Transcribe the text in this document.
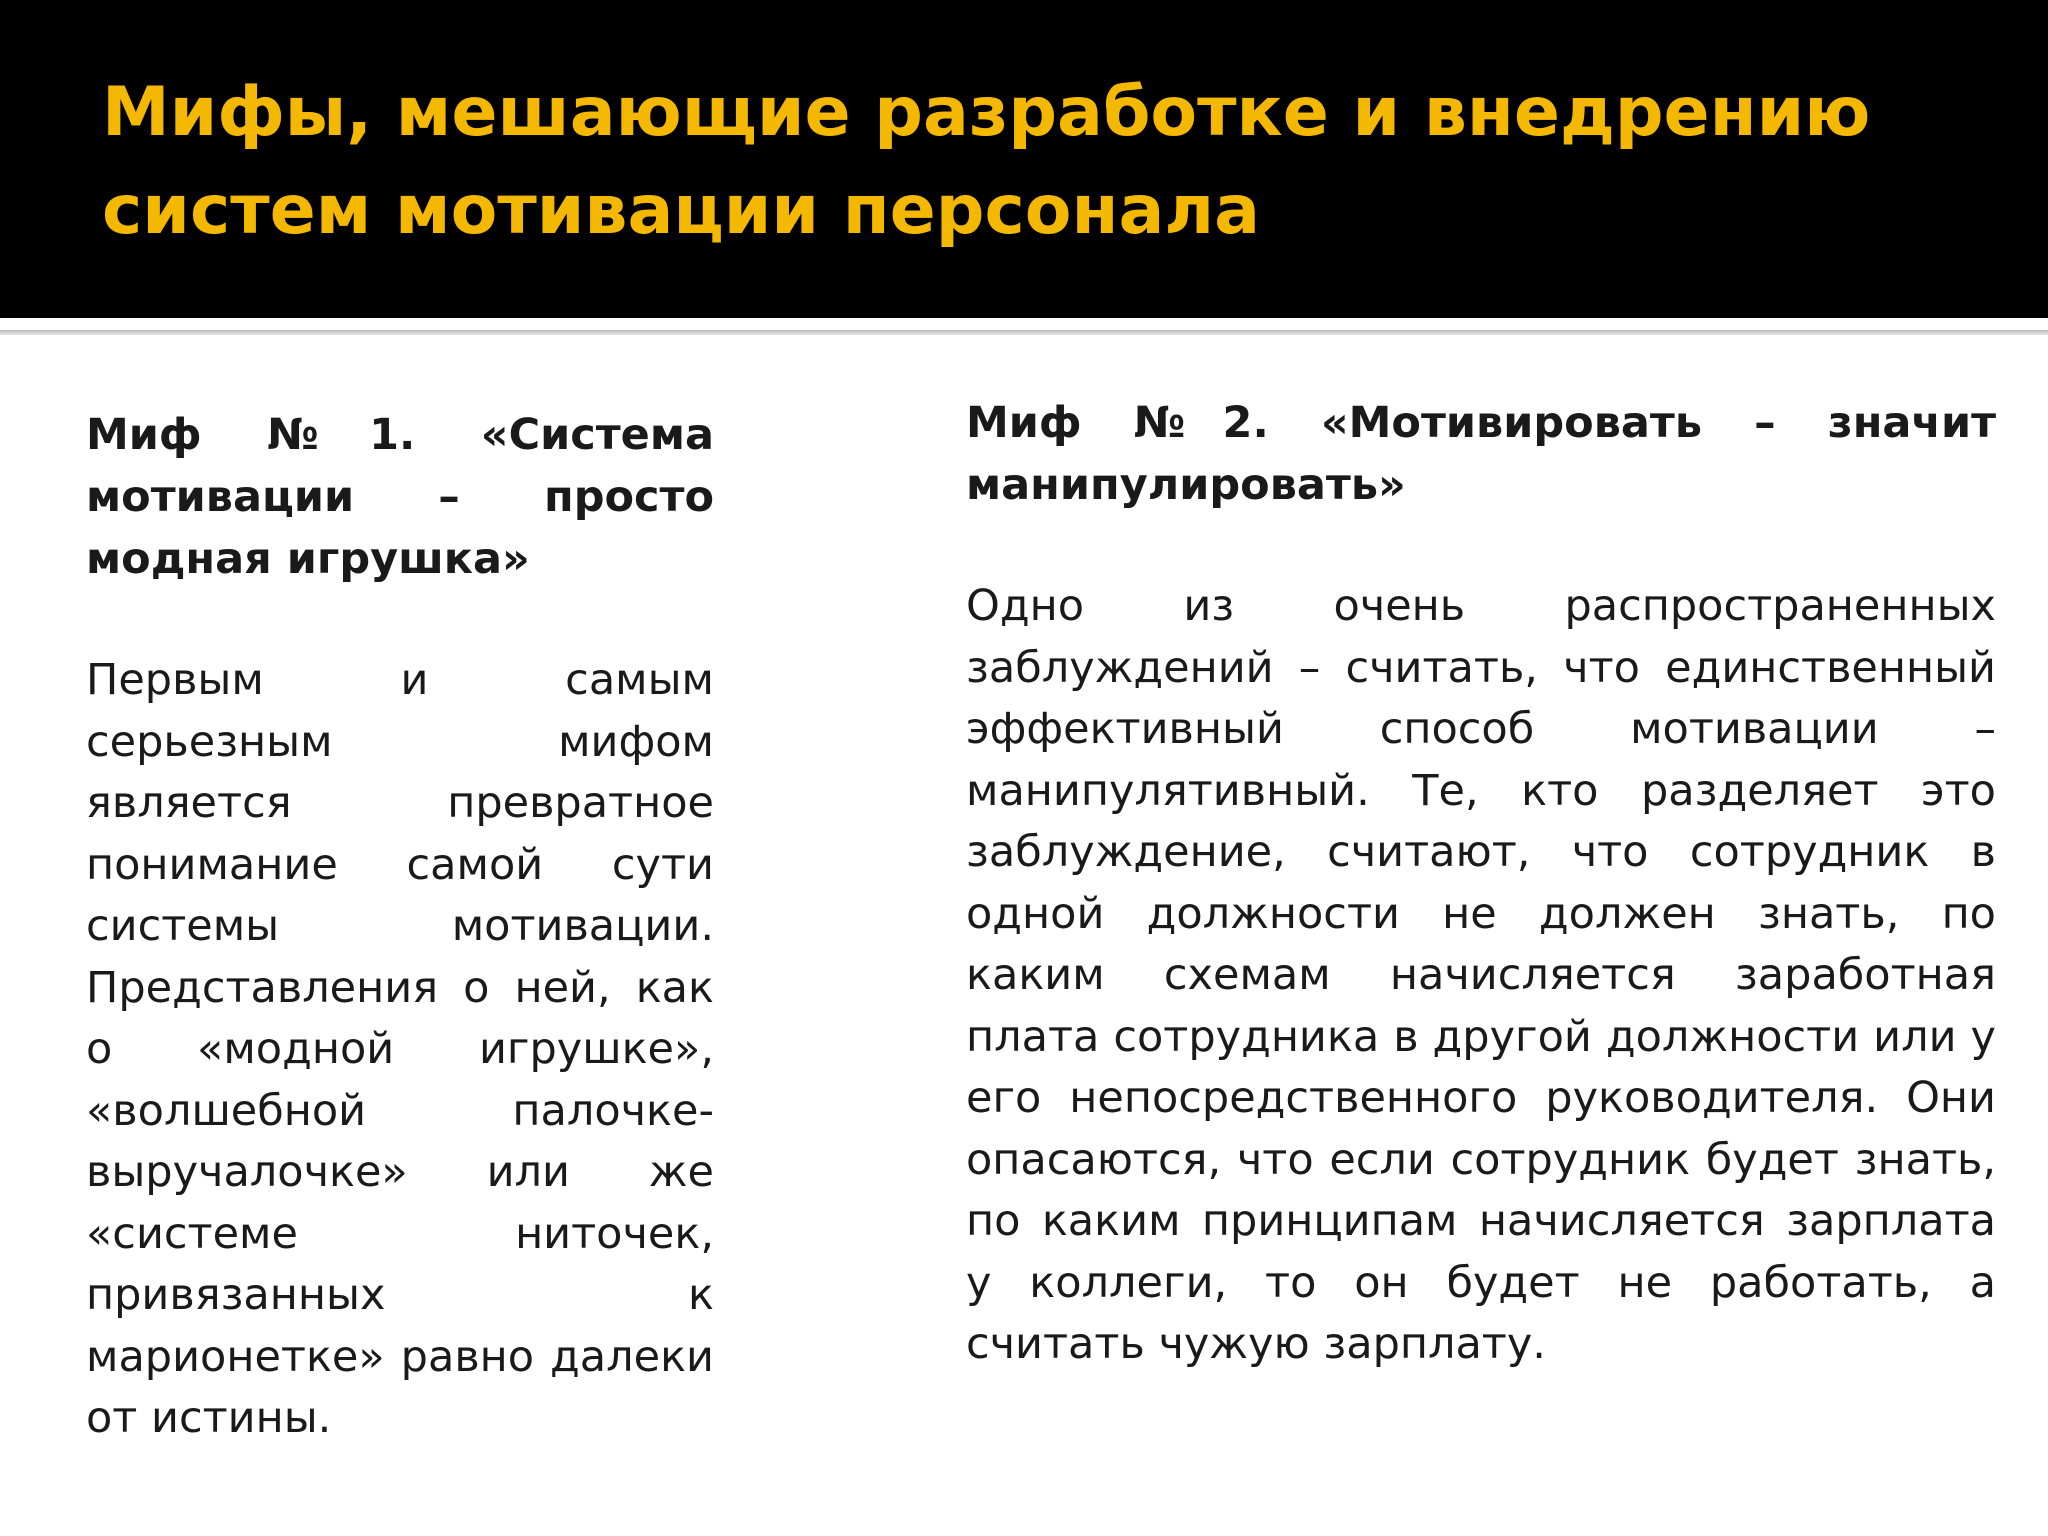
Мифы, мешающие разработке и внедрению систем мотивации персонала

Миф №1. «Система мотивации – просто модная игрушка»

Первым и самым серьезным мифом является превратное понимание самой сути системы мотивации. Представления о ней, как о «модной игрушке», «волшебной палочке-выручалочке» или же «системе ниточек, привязанных к марионетке» равно далеки от истины.

Миф №2. «Мотивировать – значит манипулировать»

Одно из очень распространенных заблуждений – считать, что единственный эффективный способ мотивации – манипулятивный. Те, кто разделяет это заблуждение, считают, что сотрудник в одной должности не должен знать, по каким схемам начисляется заработная плата сотрудника в другой должности или у его непосредственного руководителя. Они опасаются, что если сотрудник будет знать, по каким принципам начисляется зарплата у коллеги, то он будет не работать, а считать чужую зарплату.
